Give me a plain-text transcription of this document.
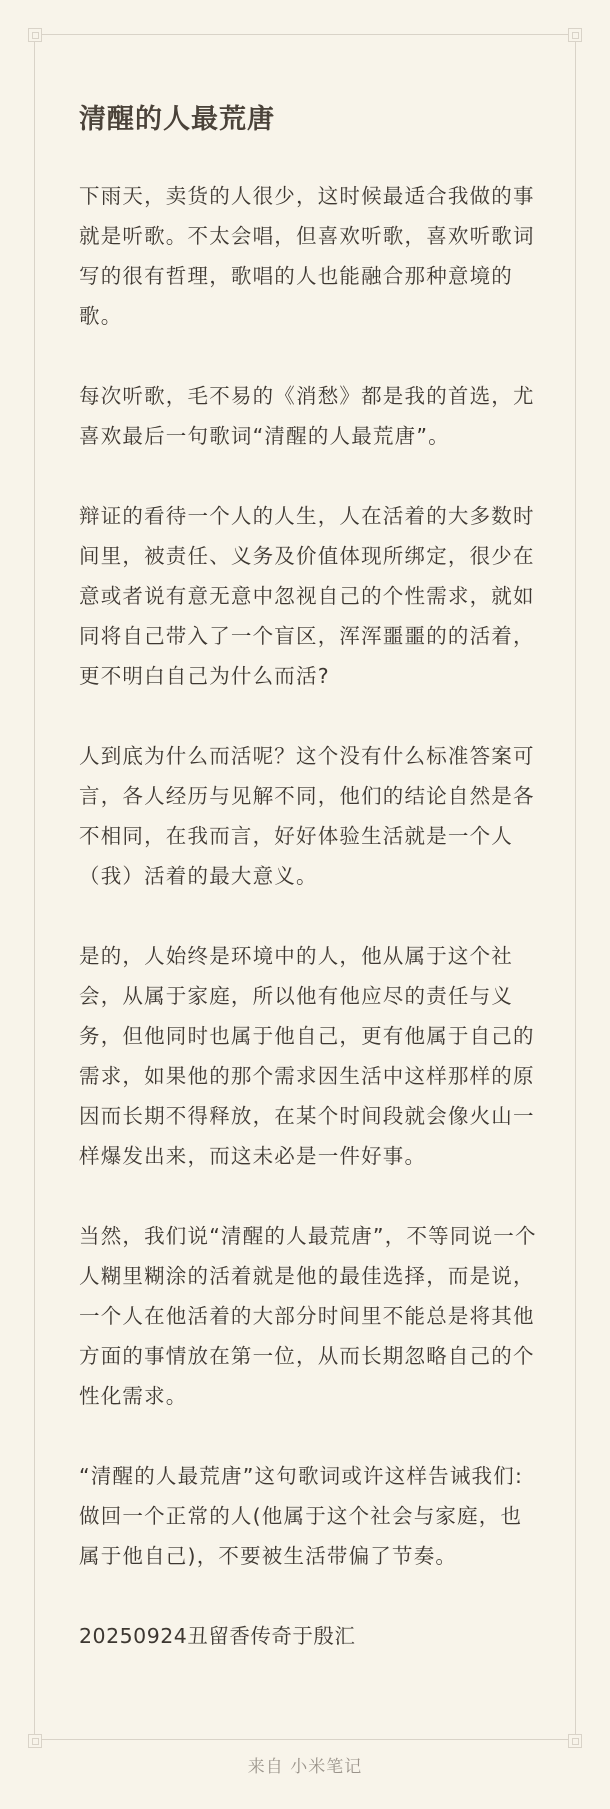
清醒的人最荒唐

下雨天，卖货的人很少，这时候最适合我做的事就是听歌。不太会唱，但喜欢听歌，喜欢听歌词写的很有哲理，歌唱的人也能融合那种意境的歌。

每次听歌，毛不易的《消愁》都是我的首选，尤喜欢最后一句歌词“清醒的人最荒唐”。

辩证的看待一个人的人生，人在活着的大多数时间里，被责任、义务及价值体现所绑定，很少在意或者说有意无意中忽视自己的个性需求，就如同将自己带入了一个盲区，浑浑噩噩的的活着，更不明白自己为什么而活?

人到底为什么而活呢？这个没有什么标准答案可言，各人经历与见解不同，他们的结论自然是各不相同，在我而言，好好体验生活就是一个人（我）活着的最大意义。

是的，人始终是环境中的人，他从属于这个社会，从属于家庭，所以他有他应尽的责任与义务，但他同时也属于他自己，更有他属于自己的需求，如果他的那个需求因生活中这样那样的原因而长期不得释放，在某个时间段就会像火山一样爆发出来，而这未必是一件好事。

当然，我们说“清醒的人最荒唐”，不等同说一个人糊里糊涂的活着就是他的最佳选择，而是说，一个人在他活着的大部分时间里不能总是将其他方面的事情放在第一位，从而长期忽略自己的个性化需求。

“清醒的人最荒唐”这句歌词或许这样告诫我们:做回一个正常的人(他属于这个社会与家庭，也属于他自己)，不要被生活带偏了节奏。

20250924丑留香传奇于殷汇

来自 小米笔记
